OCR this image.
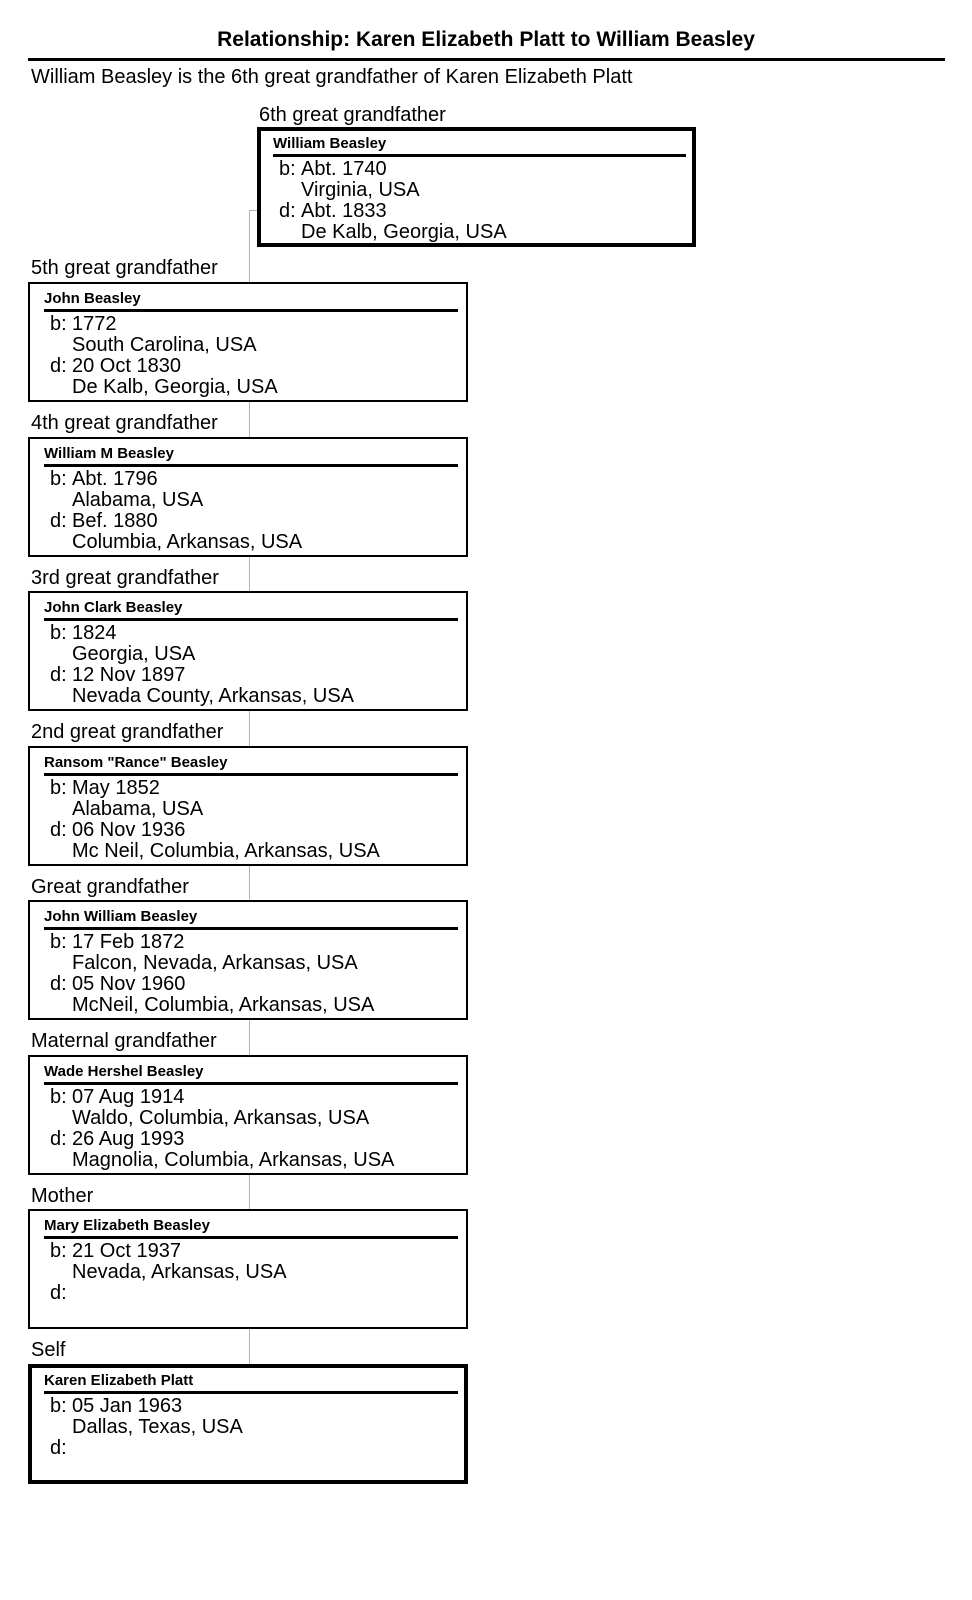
Relationship: Karen Elizabeth Platt to William Beasley
William Beasley is the 6th great grandfather of Karen Elizabeth Platt
6th great grandfather
William Beasley
b: Abt. 1740
Virginia, USA
d: Abt. 1833
De Kalb, Georgia, USA
5th great grandfather
John Beasley
b: 1772
South Carolina, USA
d: 20 Oct 1830
De Kalb, Georgia, USA
4th great grandfather
William M Beasley
b: Abt. 1796
Alabama, USA
d: Bef. 1880
Columbia, Arkansas, USA
3rd great grandfather
John Clark Beasley
b: 1824
Georgia, USA
d: 12 Nov 1897
Nevada County, Arkansas, USA
2nd great grandfather
Ransom "Rance" Beasley
b: May 1852
Alabama, USA
d: 06 Nov 1936
Mc Neil, Columbia, Arkansas, USA
Great grandfather
John William Beasley
b: 17 Feb 1872
Falcon, Nevada, Arkansas, USA
d: 05 Nov 1960
McNeil, Columbia, Arkansas, USA
Maternal grandfather
Wade Hershel Beasley
b: 07 Aug 1914
Waldo, Columbia, Arkansas, USA
d: 26 Aug 1993
Magnolia, Columbia, Arkansas, USA
Mother
Mary Elizabeth Beasley
b: 21 Oct 1937
Nevada, Arkansas, USA
d:
Self
Karen Elizabeth Platt
b: 05 Jan 1963
Dallas, Texas, USA
d:
